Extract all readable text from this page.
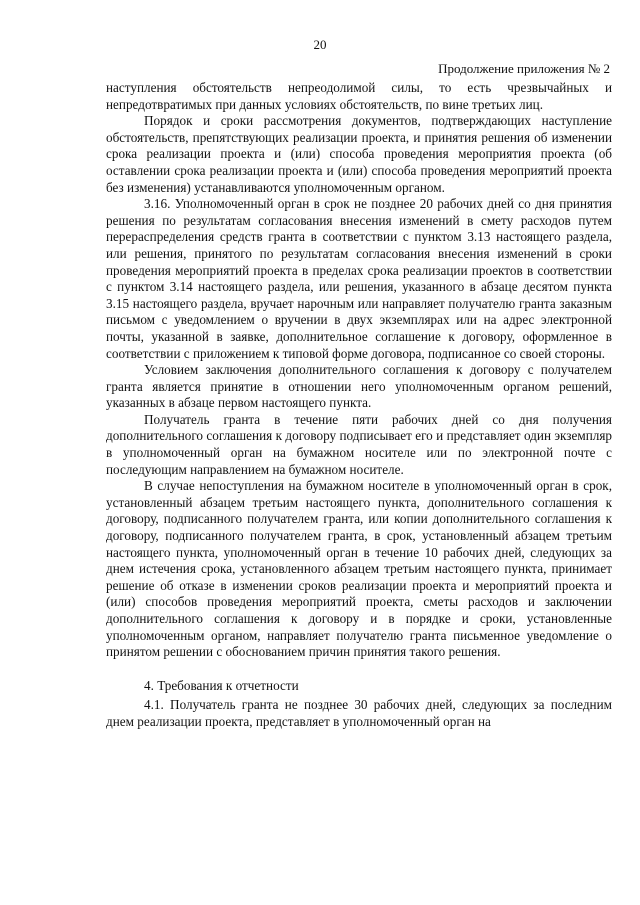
20
Продолжение приложения № 2

наступления обстоятельств непреодолимой силы, то есть чрезвычайных и непредотвратимых при данных условиях обстоятельств, по вине третьих лиц.

Порядок и сроки рассмотрения документов, подтверждающих наступление обстоятельств, препятствующих реализации проекта, и принятия решения об изменении срока реализации проекта и (или) способа проведения мероприятия проекта (об оставлении срока реализации проекта и (или) способа проведения мероприятий проекта без изменения) устанавливаются уполномоченным органом.

3.16. Уполномоченный орган в срок не позднее 20 рабочих дней со дня принятия решения по результатам согласования внесения изменений в смету расходов путем перераспределения средств гранта в соответствии с пунктом 3.13 настоящего раздела, или решения, принятого по результатам согласования внесения изменений в сроки проведения мероприятий проекта в пределах срока реализации проектов в соответствии с пунктом 3.14 настоящего раздела, или решения, указанного в абзаце десятом пункта 3.15 настоящего раздела, вручает нарочным или направляет получателю гранта заказным письмом с уведомлением о вручении в двух экземплярах или на адрес электронной почты, указанной в заявке, дополнительное соглашение к договору, оформленное в соответствии с приложением к типовой форме договора, подписанное со своей стороны.

Условием заключения дополнительного соглашения к договору с получателем гранта является принятие в отношении него уполномоченным органом решений, указанных в абзаце первом настоящего пункта.

Получатель гранта в течение пяти рабочих дней со дня получения дополнительного соглашения к договору подписывает его и представляет один экземпляр в уполномоченный орган на бумажном носителе или по электронной почте с последующим направлением на бумажном носителе.

В случае непоступления на бумажном носителе в уполномоченный орган в срок, установленный абзацем третьим настоящего пункта, дополнительного соглашения к договору, подписанного получателем гранта, или копии дополнительного соглашения к договору, подписанного получателем гранта, в срок, установленный абзацем третьим настоящего пункта, уполномоченный орган в течение 10 рабочих дней, следующих за днем истечения срока, установленного абзацем третьим настоящего пункта, принимает решение об отказе в изменении сроков реализации проекта и мероприятий проекта и (или) способов проведения мероприятий проекта, сметы расходов и заключении дополнительного соглашения к договору и в порядке и сроки, установленные уполномоченным органом, направляет получателю гранта письменное уведомление о принятом решении с обоснованием причин принятия такого решения.

4. Требования к отчетности

4.1. Получатель гранта не позднее 30 рабочих дней, следующих за последним днем реализации проекта, представляет в уполномоченный орган на
